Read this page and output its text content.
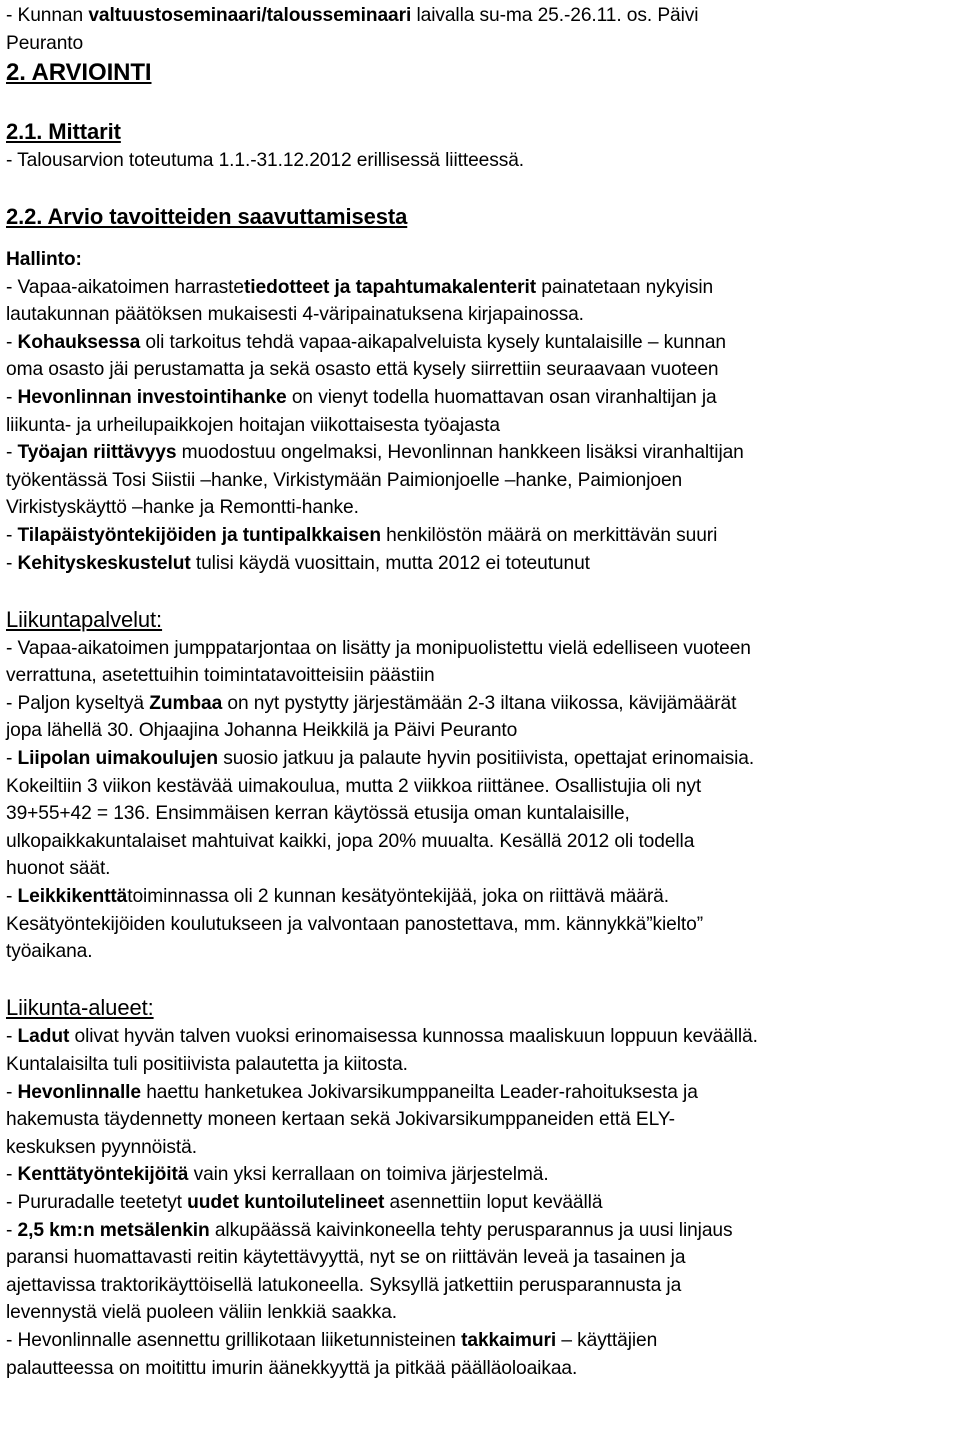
- Kunnan valtuustoseminaari/talousseminaari laivalla su-ma 25.-26.11. os. Päivi
Peuranto
2. ARVIOINTI
2.1. Mittarit
- Talousarvion toteutuma 1.1.-31.12.2012 erillisessä liitteessä.
2.2. Arvio tavoitteiden saavuttamisesta
Hallinto:
- Vapaa-aikatoimen harrastetiedotteet ja tapahtumakalenterit painatetaan nykyisin
lautakunnan päätöksen mukaisesti 4-väripainatuksena kirjapainossa.
- Kohauksessa oli tarkoitus tehdä vapaa-aikapalveluista kysely kuntalaisille – kunnan
oma osasto jäi perustamatta ja sekä osasto että kysely siirrettiin seuraavaan vuoteen
- Hevonlinnan investointihanke on vienyt todella huomattavan osan viranhaltijan ja
liikunta- ja urheilupaikkojen hoitajan viikottaisesta työajasta
- Työajan riittävyys muodostuu ongelmaksi, Hevonlinnan hankkeen lisäksi viranhaltijan
työkentässä Tosi Siistii –hanke, Virkistymään Paimionjoelle –hanke, Paimionjoen
Virkistyskäyttö –hanke ja Remontti-hanke.
- Tilapäistyöntekijöiden ja tuntipalkkaisen henkilöstön määrä on merkittävän suuri
- Kehityskeskustelut tulisi käydä vuosittain, mutta 2012 ei toteutunut
Liikuntapalvelut:
- Vapaa-aikatoimen jumppatarjontaa on lisätty ja monipuolistettu vielä edelliseen vuoteen
verrattuna, asetettuihin toimintatavoitteisiin päästiin
- Paljon kyseltyä Zumbaa on nyt pystytty järjestämään 2-3 iltana viikossa, kävijämäärät
jopa lähellä 30. Ohjaajina Johanna Heikkilä ja Päivi Peuranto
- Liipolan uimakoulujen suosio jatkuu ja palaute hyvin positiivista, opettajat erinomaisia.
Kokeiltiin 3 viikon kestävää uimakoulua, mutta 2 viikkoa riittänee. Osallistujia oli nyt
39+55+42 = 136. Ensimmäisen kerran käytössä etusija oman kuntalaisille,
ulkopaikkakuntalaiset mahtuivat kaikki, jopa 20% muualta. Kesällä 2012 oli todella
huonot säät.
- Leikkikenttätoiminnassa oli 2 kunnan kesätyöntekijää, joka on riittävä määrä.
Kesätyöntekijöiden koulutukseen ja valvontaan panostettava, mm. kännykkä”kielto”
työaikana.
Liikunta-alueet:
- Ladut olivat hyvän talven vuoksi erinomaisessa kunnossa maaliskuun loppuun keväällä.
Kuntalaisilta tuli positiivista palautetta ja kiitosta.
- Hevonlinnalle haettu hanketukea Jokivarsikumppaneilta Leader-rahoituksesta ja
hakemusta täydennetty moneen kertaan sekä Jokivarsikumppaneiden että ELY-
keskuksen pyynnöistä.
- Kenttätyöntekijöitä vain yksi kerrallaan on toimiva järjestelmä.
- Pururadalle teetetyt uudet kuntoilutelineet asennettiin loput keväällä
- 2,5 km:n metsälenkin alkupäässä kaivinkoneella tehty perusparannus ja uusi linjaus
paransi huomattavasti reitin käytettävyyttä, nyt se on riittävän leveä ja tasainen ja
ajettavissa traktorikäyttöisellä latukoneella. Syksyllä jatkettiin perusparannusta ja
levennystä vielä puoleen väliin lenkkiä saakka.
- Hevonlinnalle asennettu grillikotaan liiketunnisteinen takkaimuri – käyttäjien
palautteessa on moitittu imurin äänekkyyttä ja pitkää päälläoloaikaa.
